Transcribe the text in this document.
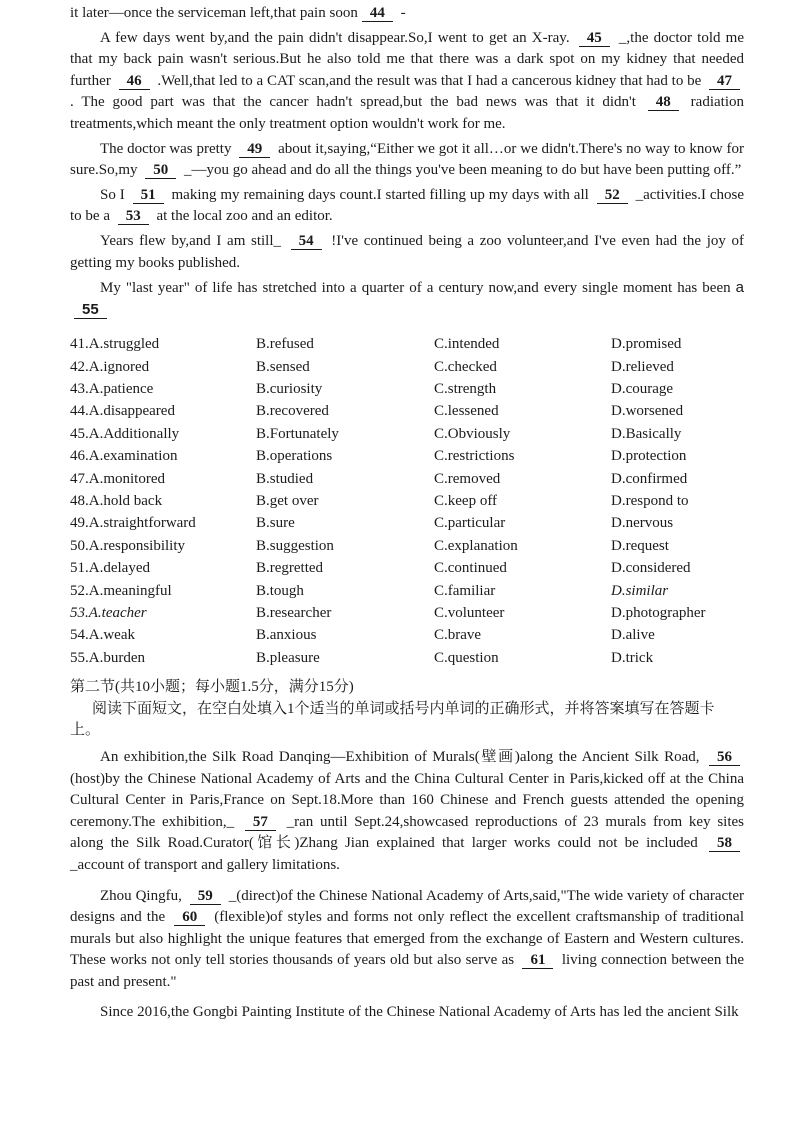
it later—once the serviceman left,that pain soon 44 -
A few days went by,and the pain didn't disappear.So,I went to get an X-ray. 45 _,the doctor told me that my back pain wasn't serious.But he also told me that there was a dark spot on my kidney that needed further 46 .Well,that led to a CAT scan,and the result was that I had a cancerous kidney that had to be 47 . The good part was that the cancer hadn't spread,but the bad news was that it didn't 48 radiation treatments,which meant the only treatment option wouldn't work for me.
The doctor was pretty 49 about it,saying,“Either we got it all…or we didn't.There's no way to know for sure.So,my 50 _—you go ahead and do all the things you've been meaning to do but have been putting off.”
So I 51 making my remaining days count.I started filling up my days with all 52 _activities.I chose to be a 53 at the local zoo and an editor.
Years flew by,and I am still_ 54 !I've continued being a zoo volunteer,and I've even had the joy of getting my books published.
My "last year" of life has stretched into a quarter of a century now,and every single moment has been a 55
41.A.struggled	B.refused	C.intended	D.promised
42.A.ignored	B.sensed	C.checked	D.relieved
43.A.patience	B.curiosity	C.strength	D.courage
44.A.disappeared	B.recovered	C.lessened	D.worsened
45.A.Additionally	B.Fortunately	C.Obviously	D.Basically
46.A.examination	B.operations	C.restrictions	D.protection
47.A.monitored	B.studied	C.removed	D.confirmed
48.A.hold back	B.get over	C.keep off	D.respond to
49.A.straightforward	B.sure	C.particular	D.nervous
50.A.responsibility	B.suggestion	C.explanation	D.request
51.A.delayed	B.regretted	C.continued	D.considered
52.A.meaningful	B.tough	C.familiar	D.similar
53.A.teacher	B.researcher	C.volunteer	D.photographer
54.A.weak	B.anxious	C.brave	D.alive
55.A.burden	B.pleasure	C.question	D.trick
第二节(共10小题；每小题1.5分，满分15分)
阅读下面短文，在空白处填入1个适当的单词或括号内单词的正确形式，并将答案填写在答题卡上。
An exhibition,the Silk Road Danqing—Exhibition of Murals(壁画)along the Ancient Silk Road, 56 (host)by the Chinese National Academy of Arts and the China Cultural Center in Paris,kicked off at the China Cultural Center in Paris,France on Sept.18.More than 160 Chinese and French guests attended the opening ceremony.The exhibition,_ 57 _ran until Sept.24,showcased reproductions of 23 murals from key sites along the Silk Road.Curator(馆长)Zhang Jian explained that larger works could not be included 58 _account of transport and gallery limitations.
Zhou Qingfu, 59 _(direct)of the Chinese National Academy of Arts,said,"The wide variety of character designs and the 60 (flexible)of styles and forms not only reflect the excellent craftsmanship of traditional murals but also highlight the unique features that emerged from the exchange of Eastern and Western cultures. These works not only tell stories thousands of years old but also serve as 61 living connection between the past and present."
Since 2016,the Gongbi Painting Institute of the Chinese National Academy of Arts has led the ancient Silk
